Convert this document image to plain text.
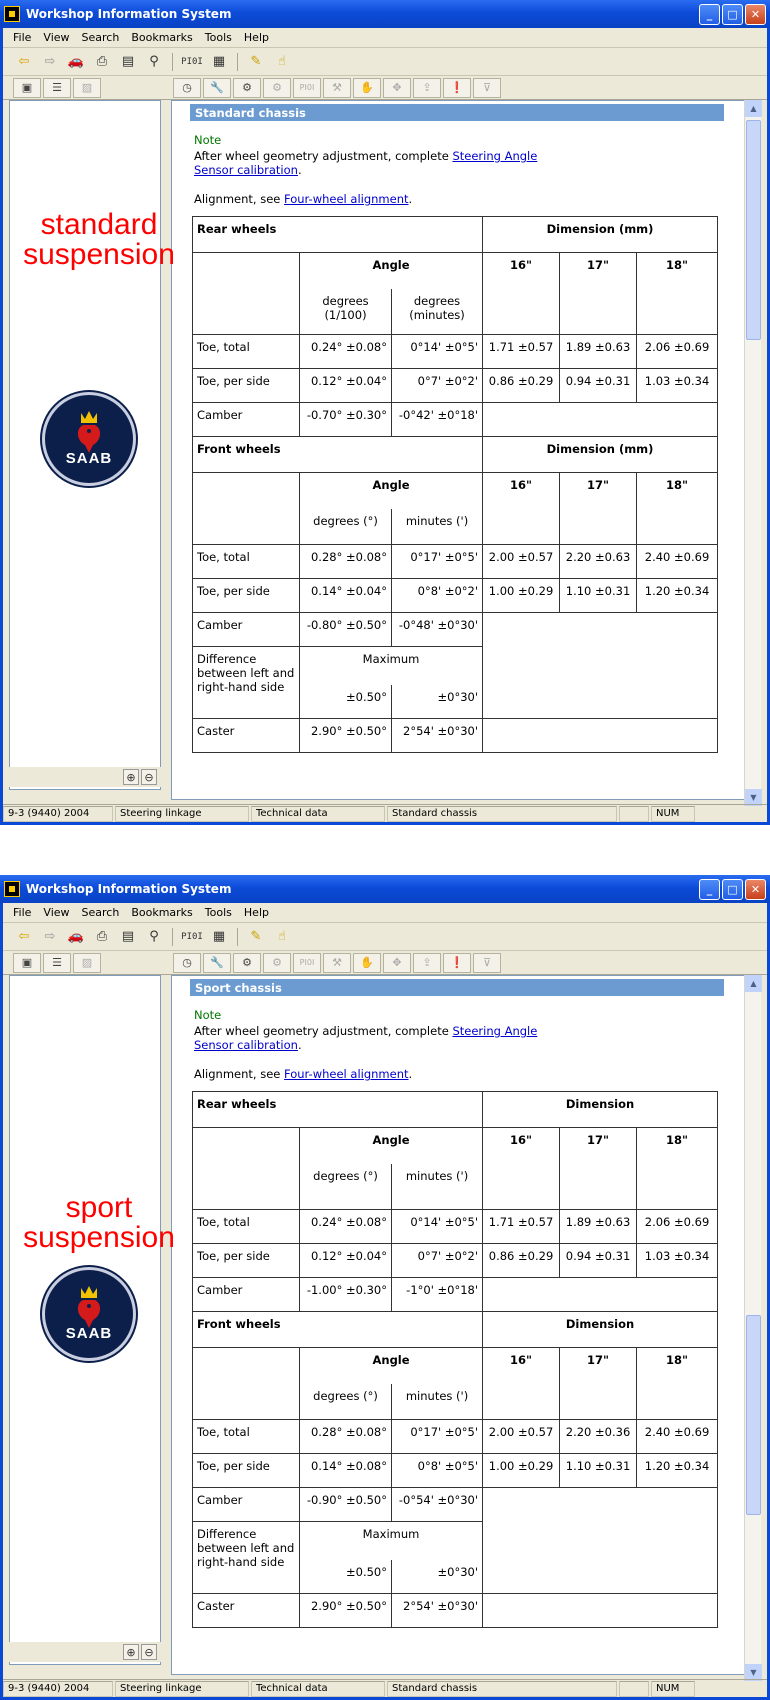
Workshop Information System	_	□	✕
File	View	Search	Bookmarks	Tools	Help
⇦	⇨ 🚗 ⎙	▤	⚲	PI0I ▦	✎	☝
▣	☰	▨	◷	🔧	⚙	⚙	PI0I	⚒	✋	✥	⇪	❗	⊽
⊕ ⊖
Standard chassis
Note
After wheel geometry adjustment, complete Steering Angle Sensor calibration.
Alignment, see Four-wheel alignment.
Rear wheels			Dimension (mm)		
	Angle		16"	17"	18"
	degrees (1/100)	degrees (minutes)			
Toe, total	0.24° ±0.08°	0°14' ±0°5'	1.71 ±0.57	1.89 ±0.63	2.06 ±0.69
Toe, per side	0.12° ±0.04°	0°7' ±0°2'	0.86 ±0.29	0.94 ±0.31	1.03 ±0.34
Camber	-0.70° ±0.30°	-0°42' ±0°18'			
Front wheels			Dimension (mm)		
	Angle		16"	17"	18"
	degrees (°)	minutes (')			
Toe, total	0.28° ±0.08°	0°17' ±0°5'	2.00 ±0.57	2.20 ±0.63	2.40 ±0.69
Toe, per side	0.14° ±0.04°	0°8' ±0°2'	1.00 ±0.29	1.10 ±0.31	1.20 ±0.34
Camber	-0.80° ±0.50°	-0°48' ±0°30'			
Difference between left and right-hand side	Maximum				
	±0.50°	±0°30'			
Caster	2.90° ±0.50°	2°54' ±0°30'			
▲
▼
9-3 (9440) 2004	Steering linkage	Technical data	Standard chassis	NUM
standard
suspension
SAAB
Workshop Information System	_	□	✕
File	View	Search	Bookmarks	Tools	Help
⇦	⇨ 🚗 ⎙	▤	⚲	PI0I ▦	✎	☝
▣	☰	▨	◷	🔧	⚙	⚙	PI0I	⚒	✋	✥	⇪	❗	⊽
⊕ ⊖
Sport chassis
Note
After wheel geometry adjustment, complete Steering Angle Sensor calibration.
Alignment, see Four-wheel alignment.
Rear wheels			Dimension		
	Angle		16"	17"	18"
	degrees (°)	minutes (')			
Toe, total	0.24° ±0.08°	0°14' ±0°5'	1.71 ±0.57	1.89 ±0.63	2.06 ±0.69
Toe, per side	0.12° ±0.04°	0°7' ±0°2'	0.86 ±0.29	0.94 ±0.31	1.03 ±0.34
Camber	-1.00° ±0.30°	-1°0' ±0°18'			
Front wheels			Dimension		
	Angle		16"	17"	18"
	degrees (°)	minutes (')			
Toe, total	0.28° ±0.08°	0°17' ±0°5'	2.00 ±0.57	2.20 ±0.36	2.40 ±0.69
Toe, per side	0.14° ±0.08°	0°8' ±0°5'	1.00 ±0.29	1.10 ±0.31	1.20 ±0.34
Camber	-0.90° ±0.50°	-0°54' ±0°30'			
Difference between left and right-hand side	Maximum				
	±0.50°	±0°30'			
Caster	2.90° ±0.50°	2°54' ±0°30'			
▲
▼
9-3 (9440) 2004	Steering linkage	Technical data	Standard chassis	NUM
sport
suspension
SAAB
